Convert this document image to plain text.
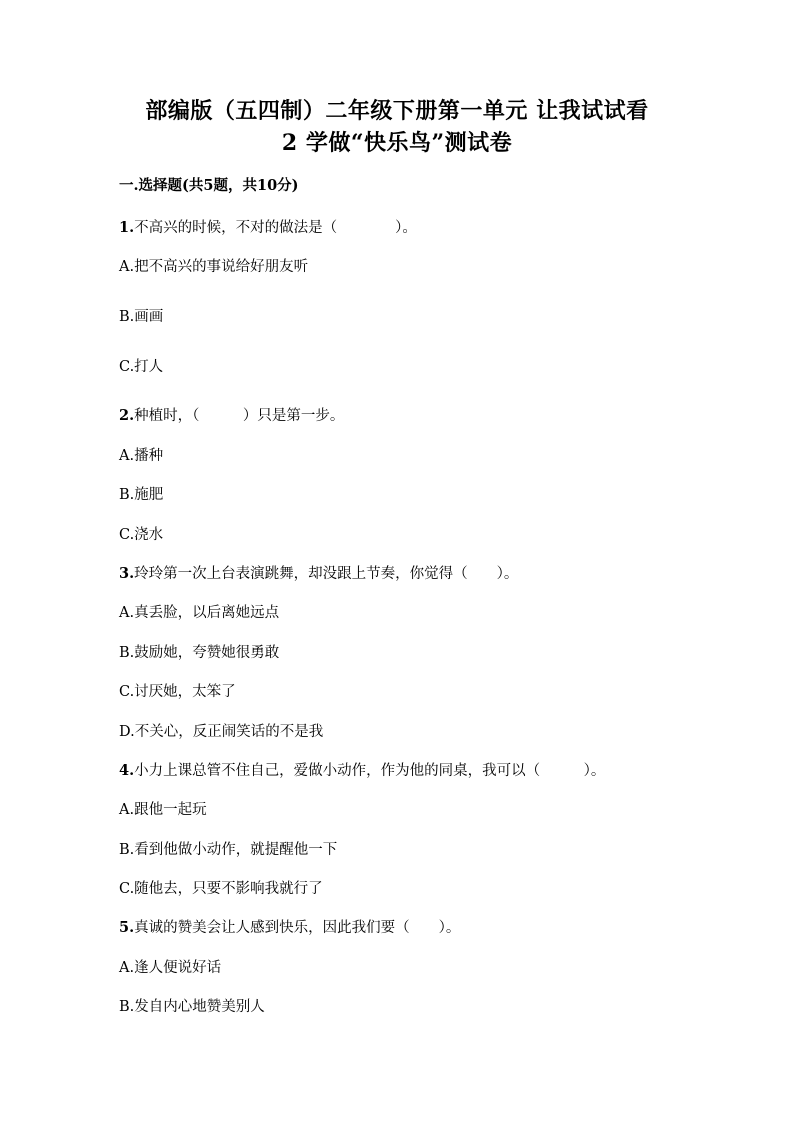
部编版（五四制）二年级下册第一单元 让我试试看
2 学做“快乐鸟”测试卷
一.选择题(共5题，共10分)
1.不高兴的时候，不对的做法是（　　　　）。
A.把不高兴的事说给好朋友听
B.画画
C.打人
2.种植时，（　　　）只是第一步。
A.播种
B.施肥
C.浇水
3.玲玲第一次上台表演跳舞，却没跟上节奏，你觉得（　　）。
A.真丢脸，以后离她远点
B.鼓励她，夸赞她很勇敢
C.讨厌她，太笨了
D.不关心，反正闹笑话的不是我
4.小力上课总管不住自己，爱做小动作，作为他的同桌，我可以（　　　）。
A.跟他一起玩
B.看到他做小动作，就提醒他一下
C.随他去，只要不影响我就行了
5.真诚的赞美会让人感到快乐，因此我们要（　　）。
A.逢人便说好话
B.发自内心地赞美别人
